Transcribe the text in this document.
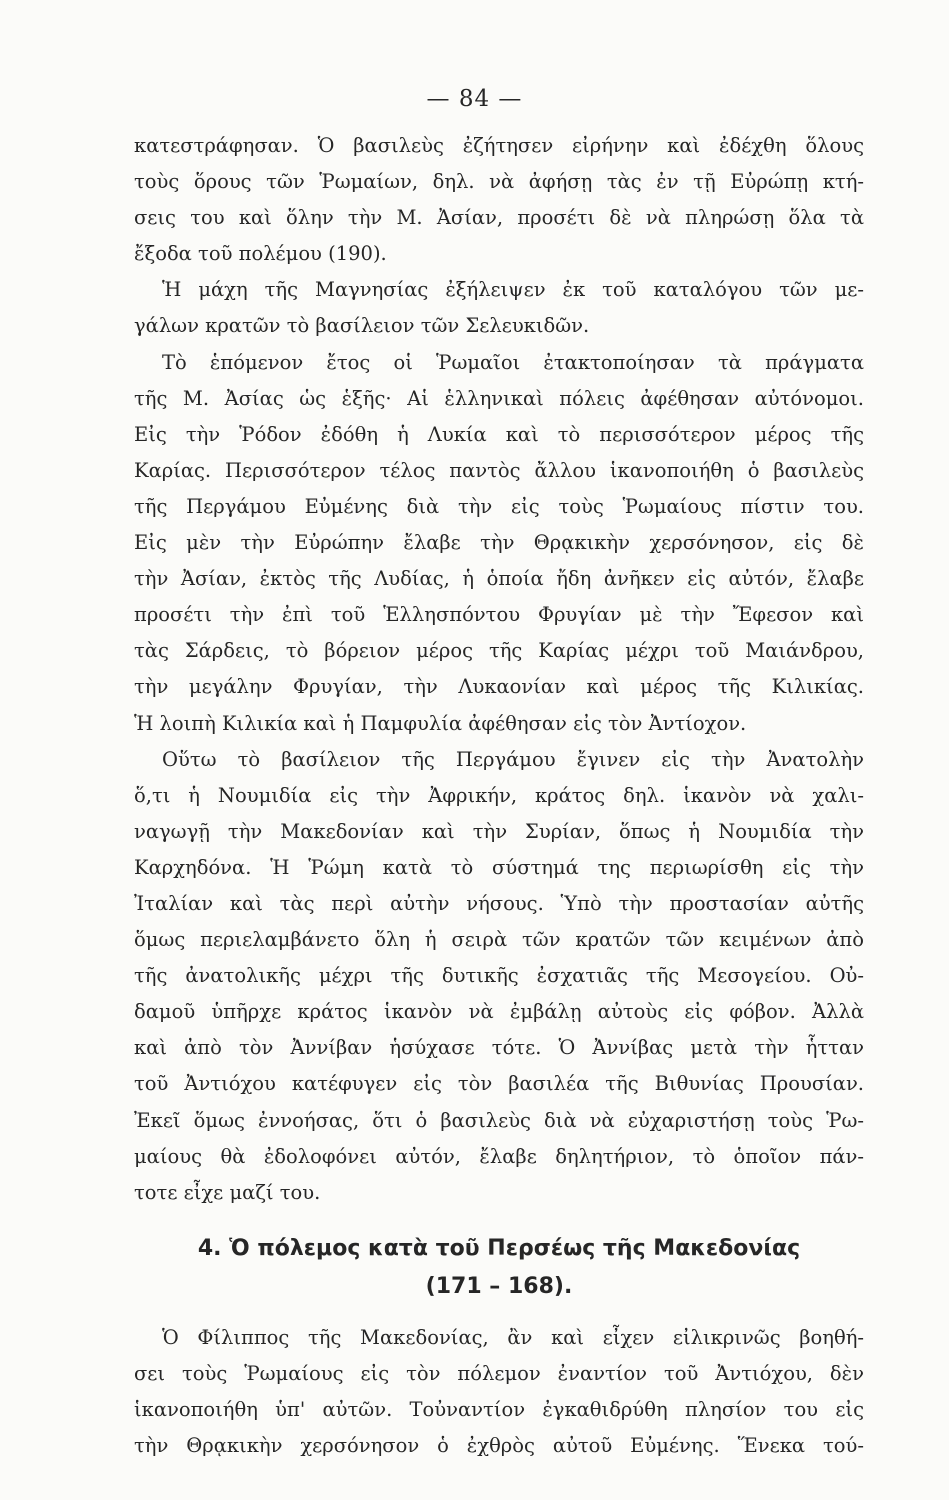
— 84 —
κατεστράφησαν. Ὁ βασιλεὺς ἐζήτησεν εἰρήνην καὶ ἐδέχθη ὅλους
τοὺς ὅρους τῶν Ῥωμαίων, δηλ. νὰ ἀφήσῃ τὰς ἐν τῇ Εὐρώπῃ κτή-
σεις του καὶ ὅλην τὴν Μ. Ἀσίαν, προσέτι δὲ νὰ πληρώσῃ ὅλα τὰ
ἔξοδα τοῦ πολέμου (190).
Ἡ μάχη τῆς Μαγνησίας ἐξήλειψεν ἐκ τοῦ καταλόγου τῶν με-
γάλων κρατῶν τὸ βασίλειον τῶν Σελευκιδῶν.
Τὸ ἑπόμενον ἔτος οἱ Ῥωμαῖοι ἐτακτοποίησαν τὰ πράγματα
τῆς Μ. Ἀσίας ὡς ἑξῆς· Αἱ ἑλληνικαὶ πόλεις ἀφέθησαν αὐτόνομοι.
Εἰς τὴν Ῥόδον ἐδόθη ἡ Λυκία καὶ τὸ περισσότερον μέρος τῆς
Καρίας. Περισσότερον τέλος παντὸς ἄλλου ἱκανοποιήθη ὁ βασιλεὺς
τῆς Περγάμου Εὐμένης διὰ τὴν εἰς τοὺς Ῥωμαίους πίστιν του.
Εἰς μὲν τὴν Εὐρώπην ἔλαβε τὴν Θρᾳκικὴν χερσόνησον, εἰς δὲ
τὴν Ἀσίαν, ἐκτὸς τῆς Λυδίας, ἡ ὁποία ἤδη ἀνῆκεν εἰς αὐτόν, ἔλαβε
προσέτι τὴν ἐπὶ τοῦ Ἑλλησπόντου Φρυγίαν μὲ τὴν Ἔφεσον καὶ
τὰς Σάρδεις, τὸ βόρειον μέρος τῆς Καρίας μέχρι τοῦ Μαιάνδρου,
τὴν μεγάλην Φρυγίαν, τὴν Λυκαονίαν καὶ μέρος τῆς Κιλικίας.
Ἡ λοιπὴ Κιλικία καὶ ἡ Παμφυλία ἀφέθησαν εἰς τὸν Ἀντίοχον.
Οὕτω τὸ βασίλειον τῆς Περγάμου ἔγινεν εἰς τὴν Ἀνατολὴν
ὅ,τι ἡ Νουμιδία εἰς τὴν Ἀφρικήν, κράτος δηλ. ἱκανὸν νὰ χαλι-
ναγωγῇ τὴν Μακεδονίαν καὶ τὴν Συρίαν, ὅπως ἡ Νουμιδία τὴν
Καρχηδόνα. Ἡ Ῥώμη κατὰ τὸ σύστημά της περιωρίσθη εἰς τὴν
Ἰταλίαν καὶ τὰς περὶ αὐτὴν νήσους. Ὑπὸ τὴν προστασίαν αὐτῆς
ὅμως περιελαμβάνετο ὅλη ἡ σειρὰ τῶν κρατῶν τῶν κειμένων ἀπὸ
τῆς ἀνατολικῆς μέχρι τῆς δυτικῆς ἐσχατιᾶς τῆς Μεσογείου. Οὐ-
δαμοῦ ὑπῆρχε κράτος ἱκανὸν νὰ ἐμβάλῃ αὐτοὺς εἰς φόβον. Ἀλλὰ
καὶ ἀπὸ τὸν Ἀννίβαν ἡσύχασε τότε. Ὁ Ἀννίβας μετὰ τὴν ἧτταν
τοῦ Ἀντιόχου κατέφυγεν εἰς τὸν βασιλέα τῆς Βιθυνίας Προυσίαν.
Ἐκεῖ ὅμως ἐννοήσας, ὅτι ὁ βασιλεὺς διὰ νὰ εὐχαριστήσῃ τοὺς Ῥω-
μαίους θὰ ἐδολοφόνει αὐτόν, ἔλαβε δηλητήριον, τὸ ὁποῖον πάν-
τοτε εἶχε μαζί του.
4. Ὁ πόλεμος κατὰ τοῦ Περσέως τῆς Μακεδονίας
(171 – 168).
Ὁ Φίλιππος τῆς Μακεδονίας, ἂν καὶ εἶχεν εἰλικρινῶς βοηθή-
σει τοὺς Ῥωμαίους εἰς τὸν πόλεμον ἐναντίον τοῦ Ἀντιόχου, δὲν
ἱκανοποιήθη ὑπ' αὐτῶν. Τοὐναντίον ἐγκαθιδρύθη πλησίον του εἰς
τὴν Θρᾳκικὴν χερσόνησον ὁ ἐχθρὸς αὐτοῦ Εὐμένης. Ἕνεκα τού-
